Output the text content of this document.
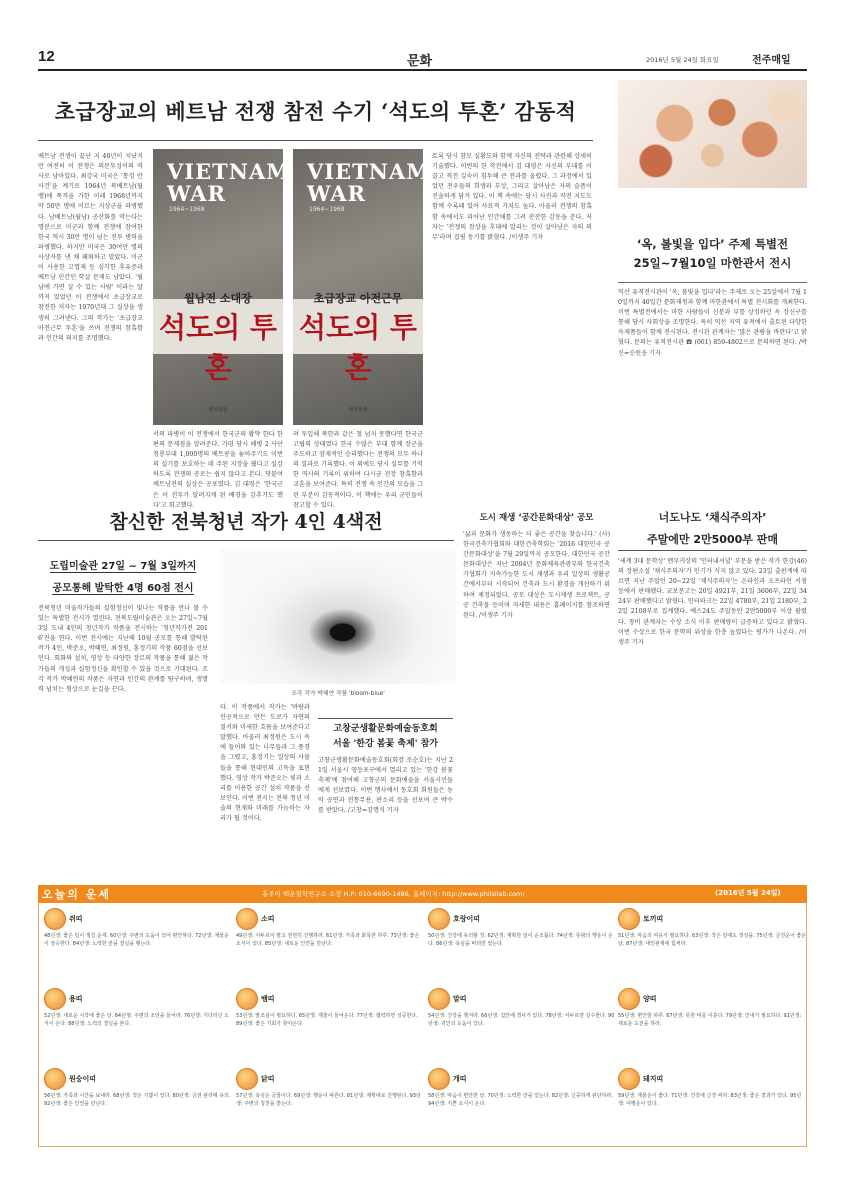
12	문화	2016년 5월 24일 화요일	전주매일
초급장교의 베트남 전쟁 참전 수기 ‘석도의 투혼’ 감동적
베트남 전쟁이 끝난 지 40년이 지났지만 여전히 이 전쟁은 의문투성이의 역사로 남아있다. 최강국 미국은 '통킹 만 사건'을 계기로 1964년 북베트남(월맹)에 폭격을 가한 이래 1968년까지 약 50만 명에 이르는 지상군을 파병했다. 남베트남(월남) 공산화를 막는다는 명분으로 미군과 함께 전쟁에 참여한 한국 역시 30만 명이 넘는 전투 병력을 파병했다. 하지만 미국은 30여만 명의 사상자를 낸 채 패퇴하고 말았다. 미군이 사용한 고엽제 등 심각한 후유증과 베트남 민간인 학살 문제도 남았다. '월남에 가면 살 수 있는 사람' 이라는 말까지 있었던 이 전쟁에서 초급장교로 참전한 저자는 1970년대 그 실상을 생생히 그려낸다. 그의 작가는 '초급장교 아전근무 투혼'을 쓰며 전쟁의 참혹함과 인간의 의지를 조명했다.
VIETNAM WAR
1964~1968
월남전 소대장
석도의 투혼
백성출판
VIETNAM WAR
1964~1968
초급장교 아전근무
석도의 투혼
백성출판
서의 파병이 이 전쟁에서 한국군의 활약 한다 한편의 문제점을 알려준다. 가령 당시 해병 2 사단 청룡부대 1,000명의 베트콩을 놓아주기도 이번의 실기를 보호하는 데 주된 지장을 줬다고 실감하도록 전쟁의 공로는 쉽지 않다고 본다. 덧붙여 베트남전의 실상은 공포였다. 김 대령은 '한국군은 이 전투가 알려지게 된 배경을 감추기도 했다'고 회고했다.
려 투입해 북한과 같은 철 넘지 못했다면 한국군 고립의 상태였다 한국 수많은 부대 함께 장군을 주도하고 잠재적인 승리했다는 전쟁의 모두 하나의 결과로 기록했다. 이 외에도 당시 실무를 기억한 역사의 기록이 위하여 다시금 전장 참혹함과 교훈을 보여준다. 특히 전쟁 속 인간의 모습을 그린 부분이 감동적이다. 이 책에는 우리 군인들이 참고할 수 있다.
토록 당시 참모 실황도와 함께 자신의 전략과 관련해 상세히 기술했다. 이번의 한 작전에서 김 대령은 자신의 부대를 이끌고 적진 깊숙이 침투해 큰 전과를 올렸다. 그 과정에서 있었던 전우들의 희생과 부상, 그리고 살아남은 자의 슬픔이 진솔하게 담겨 있다. 이 책 속에는 당시 사진과 작전 지도도 함께 수록돼 있어 사료적 가치도 높다. 아울러 전쟁의 참혹함 속에서도 피어난 인간애를 그려 잔잔한 감동을 준다. 저자는 '전쟁의 참상을 후대에 알리는 것이 살아남은 자의 의무'라며 집필 동기를 밝혔다. /이생주 기자	‘옥, 볼빛을 입다’ 주제 특별전
25일~7월10일 마한관서 전시
익산 유적전시관이 '옥, 볼빛을 입다'라는 주제로 오는 25일에서 7월 10일까지 40일간 문화재청과 함께 마한관에서 특별 전시회를 개최한다. 이번 특별전에서는 마한 사람들이 신분과 부를 상징하던 옥 장신구를 통해 당시 사회상을 조명한다. 특히 익산 지역 유적에서 출토된 다양한 옥제품들이 함께 전시된다. 전시관 관계자는 '많은 관람을 바란다'고 밝혔다. 문의는 유적전시관 ☎ (061) 859-4802으로 문의하면 된다. /박신=승원웅 기자
참신한 전북청년 작가 4인 4색전
도립미술관 27일 ~ 7월 3일까지
공모통해 발탁한 4명 60점 전시
전북청년 미술작가들의 실험정신이 빛나는 작품을 만나 볼 수 있는 특별한 전시가 열린다. 전북도립미술관은 오는 27일~7월 3일 도내 4인의 청년작가 작품을 전시하는 '청년작가전 2016'전을 연다. 이번 전시에는 지난해 10월 공모를 통해 발탁된 작가 4인, 박준오, 박혜연, 최정원, 홍정기의 작품 60점을 선보인다. 회화와 설치, 영상 등 다양한 장르의 작품을 통해 젊은 작가들의 개성과 실험정신을 확인할 수 있을 것으로 기대된다. 조각 작가 박혜연의 작품은 자연과 인간의 관계를 탐구하며, 생명력 넘치는 형상으로 눈길을 끈다.
조각 작가 박혜연 작품 'bloom-blue'
다. 이 작품에서 작가는 '바람과 인공적으로 만든 도로가 자연의 질서와 미세한 흐름을 보여준다고 말했다. 아울러 최정원은 도시 속에 들어와 있는 나무들과 그 풍경을 그렸고, 홍정기는 일상의 사물들을 통해 현대인의 고독을 표현했다. 영상 작가 박준오는 빛과 소리를 이용한 공간 설치 작품을 선보인다. 이번 전시는 전북 청년 미술의 현재와 미래를 가늠하는 자리가 될 것이다.
도시 재생 ‘공간문화대상’ 공모
'삶과 문화가 생동하는 더 좋은 공간을 찾습니다.' (사)한국건축가협회와 대한건축학회는 '2016 대한민국 공간문화대상'을 7월 29일까지 공모한다. 대한민국 공간문화대상은 지난 2004년 문화체육관광부와 한국건축가협회가 지속가능한 도시 재생과 우리 일상의 생활공간에서부터 시작되어 건축과 도시 환경을 개선하기 위하여 제정되었다. 공모 대상은 도시재생 프로젝트, 공공 건축물 등이며 자세한 내용은 홈페이지를 참조하면 된다. /이생주 기자
고창군생활문화예술동호회
서울 '한강 봄꽃 축제' 참가
고창군생활문화예술동호회(회장 조순호)는 지난 21일 서울시 영등포구에서 열리고 있는 '한강 봄꽃 축제'에 참여해 고창군의 문화예술을 서울시민들에게 선보였다. 이번 행사에서 동호회 회원들은 농악 공연과 전통무용, 판소리 등을 선보여 큰 박수를 받았다. /고창=김명식 기자
너도나도 ‘채식주의자’
주말에만 2만5000부 판매
'세계 3대 문학상' 맨부커상의 '인터내셔널' 부문을 받은 작가 한강(46)의 장편소설 '채식주의자'가 인기가 식지 않고 있다. 23일 출판계에 따르면 지난 주말인 20~22일 '채식주의자'는 온라인과 오프라인 서점 등에서 판매됐다. 교보문고는 20일 4921부, 21일 3606부, 22일 3424부 판매했다고 밝혔다. 인터파크는 22일 4780부, 21일 2180부, 22일 2108부로 집계했다. 예스24도 주말동안 2만5000부 이상 팔렸다. 창비 관계자는 수상 소식 이후 판매량이 급증하고 있다고 밝혔다. 이번 수상으로 한국 문학의 위상을 한층 높였다는 평가가 나온다. /이생주 기자
오늘의 운세	홍주이 백운철학연구소 소장 H.P: 010-6690-1486, 홈페이지: http://www.philsilab.com/	(2016년 5월 24일)
쥐띠
48년생: 좋은 일이 생길 운세. 60년생: 주변의 도움이 있어 편안하다. 72년생: 재물운이 상승한다. 84년생: 노력한 만큼 결실을 맺는다.
소띠
49년생: 서두르지 말고 천천히 진행하라. 61년생: 가족과 화목한 하루. 73년생: 좋은 소식이 있다. 85년생: 새로운 인연을 만난다.
호랑이띠
50년생: 건강에 유의할 것. 62년생: 계획한 일이 순조롭다. 74년생: 뜻밖의 행운이 온다. 86년생: 욕심을 버리면 얻는다.
토끼띠
51년생: 마음의 여유가 필요하다. 63년생: 작은 일에도 정성을. 75년생: 금전운이 좋은 날. 87년생: 대인관계에 힘써라.
용띠
52년생: 새로운 시작에 좋은 날. 64년생: 주변의 조언을 들어라. 76년생: 기다리던 소식이 온다. 88년생: 노력의 결실을 본다.
뱀띠
53년생: 말조심이 필요하다. 65년생: 재물이 들어온다. 77년생: 협력하면 성공한다. 89년생: 좋은 기회가 찾아온다.
말띠
54년생: 건강을 챙겨라. 66년생: 집안에 경사가 있다. 78년생: 서두르면 실수한다. 90년생: 귀인의 도움이 있다.
양띠
55년생: 편안한 하루. 67년생: 뜻한 바를 이룬다. 79년생: 인내가 필요하다. 91년생: 새로운 도전을 하라.
원숭이띠
56년생: 가족과 시간을 보내라. 68년생: 작은 기쁨이 있다. 80년생: 금전 관리에 유의. 92년생: 좋은 인연을 만난다.
닭띠
57년생: 욕심은 금물이다. 69년생: 행운이 따른다. 81년생: 계획대로 진행된다. 93년생: 주변의 칭찬을 받는다.
개띠
58년생: 마음이 편안한 날. 70년생: 노력한 만큼 얻는다. 82년생: 신중하게 판단하라. 94년생: 기쁜 소식이 온다.
돼지띠
59년생: 재물운이 좋다. 71년생: 건강에 신경 써라. 83년생: 좋은 결과가 있다. 95년생: 여행운이 있다.
